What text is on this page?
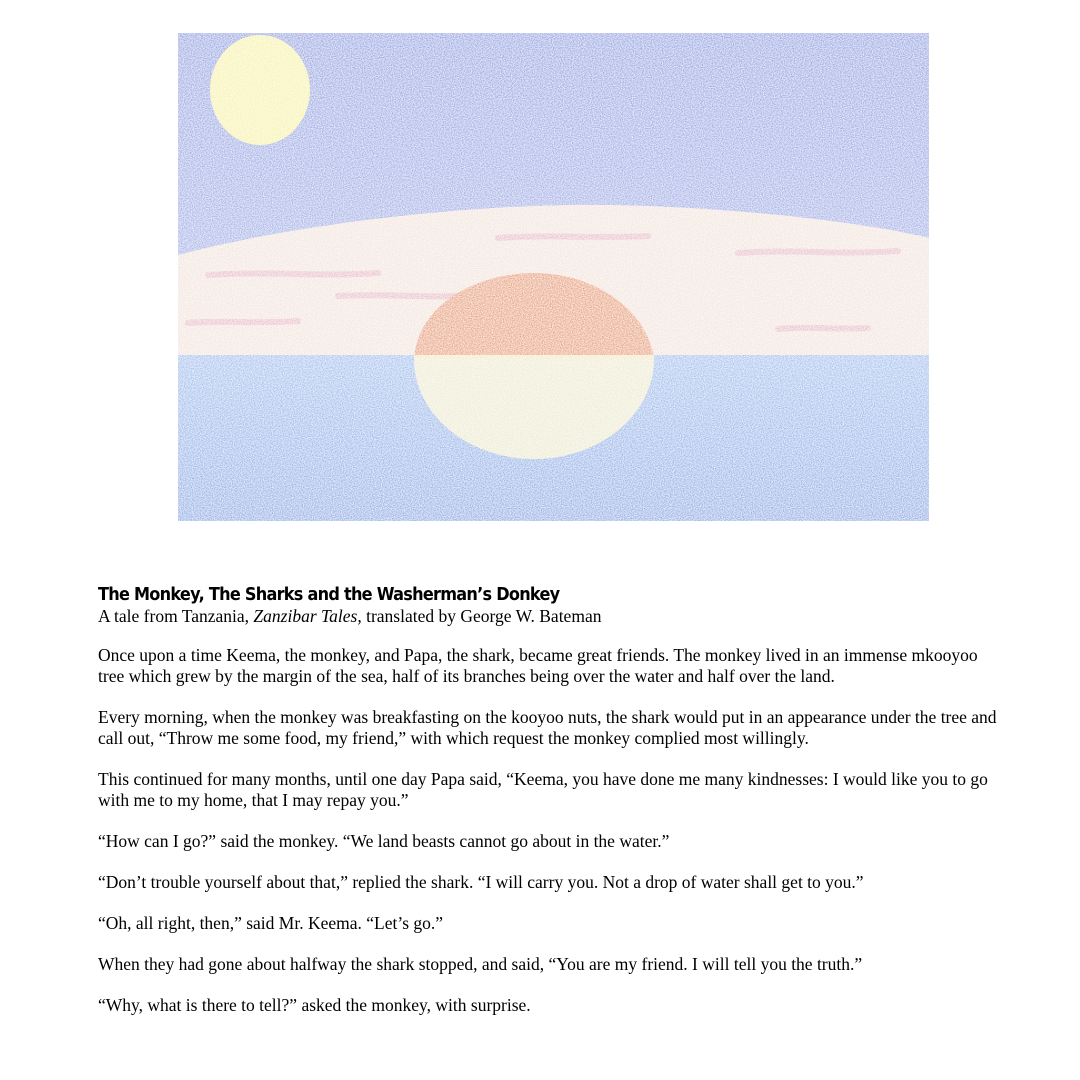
The Monkey, The Sharks and the Washerman’s Donkey

A tale from Tanzania, Zanzibar Tales, translated by George W. Bateman

Once upon a time Keema, the monkey, and Papa, the shark, became great friends. The monkey lived in an immense mkooyoo tree which grew by the margin of the sea, half of its branches being over the water and half over the land.

Every morning, when the monkey was breakfasting on the kooyoo nuts, the shark would put in an appearance under the tree and call out, “Throw me some food, my friend,” with which request the monkey complied most willingly.

This continued for many months, until one day Papa said, “Keema, you have done me many kindnesses: I would like you to go with me to my home, that I may repay you.”

“How can I go?” said the monkey. “We land beasts cannot go about in the water.”

“Don’t trouble yourself about that,” replied the shark. “I will carry you. Not a drop of water shall get to you.”

“Oh, all right, then,” said Mr. Keema. “Let’s go.”

When they had gone about halfway the shark stopped, and said, “You are my friend. I will tell you the truth.”

“Why, what is there to tell?” asked the monkey, with surprise.
